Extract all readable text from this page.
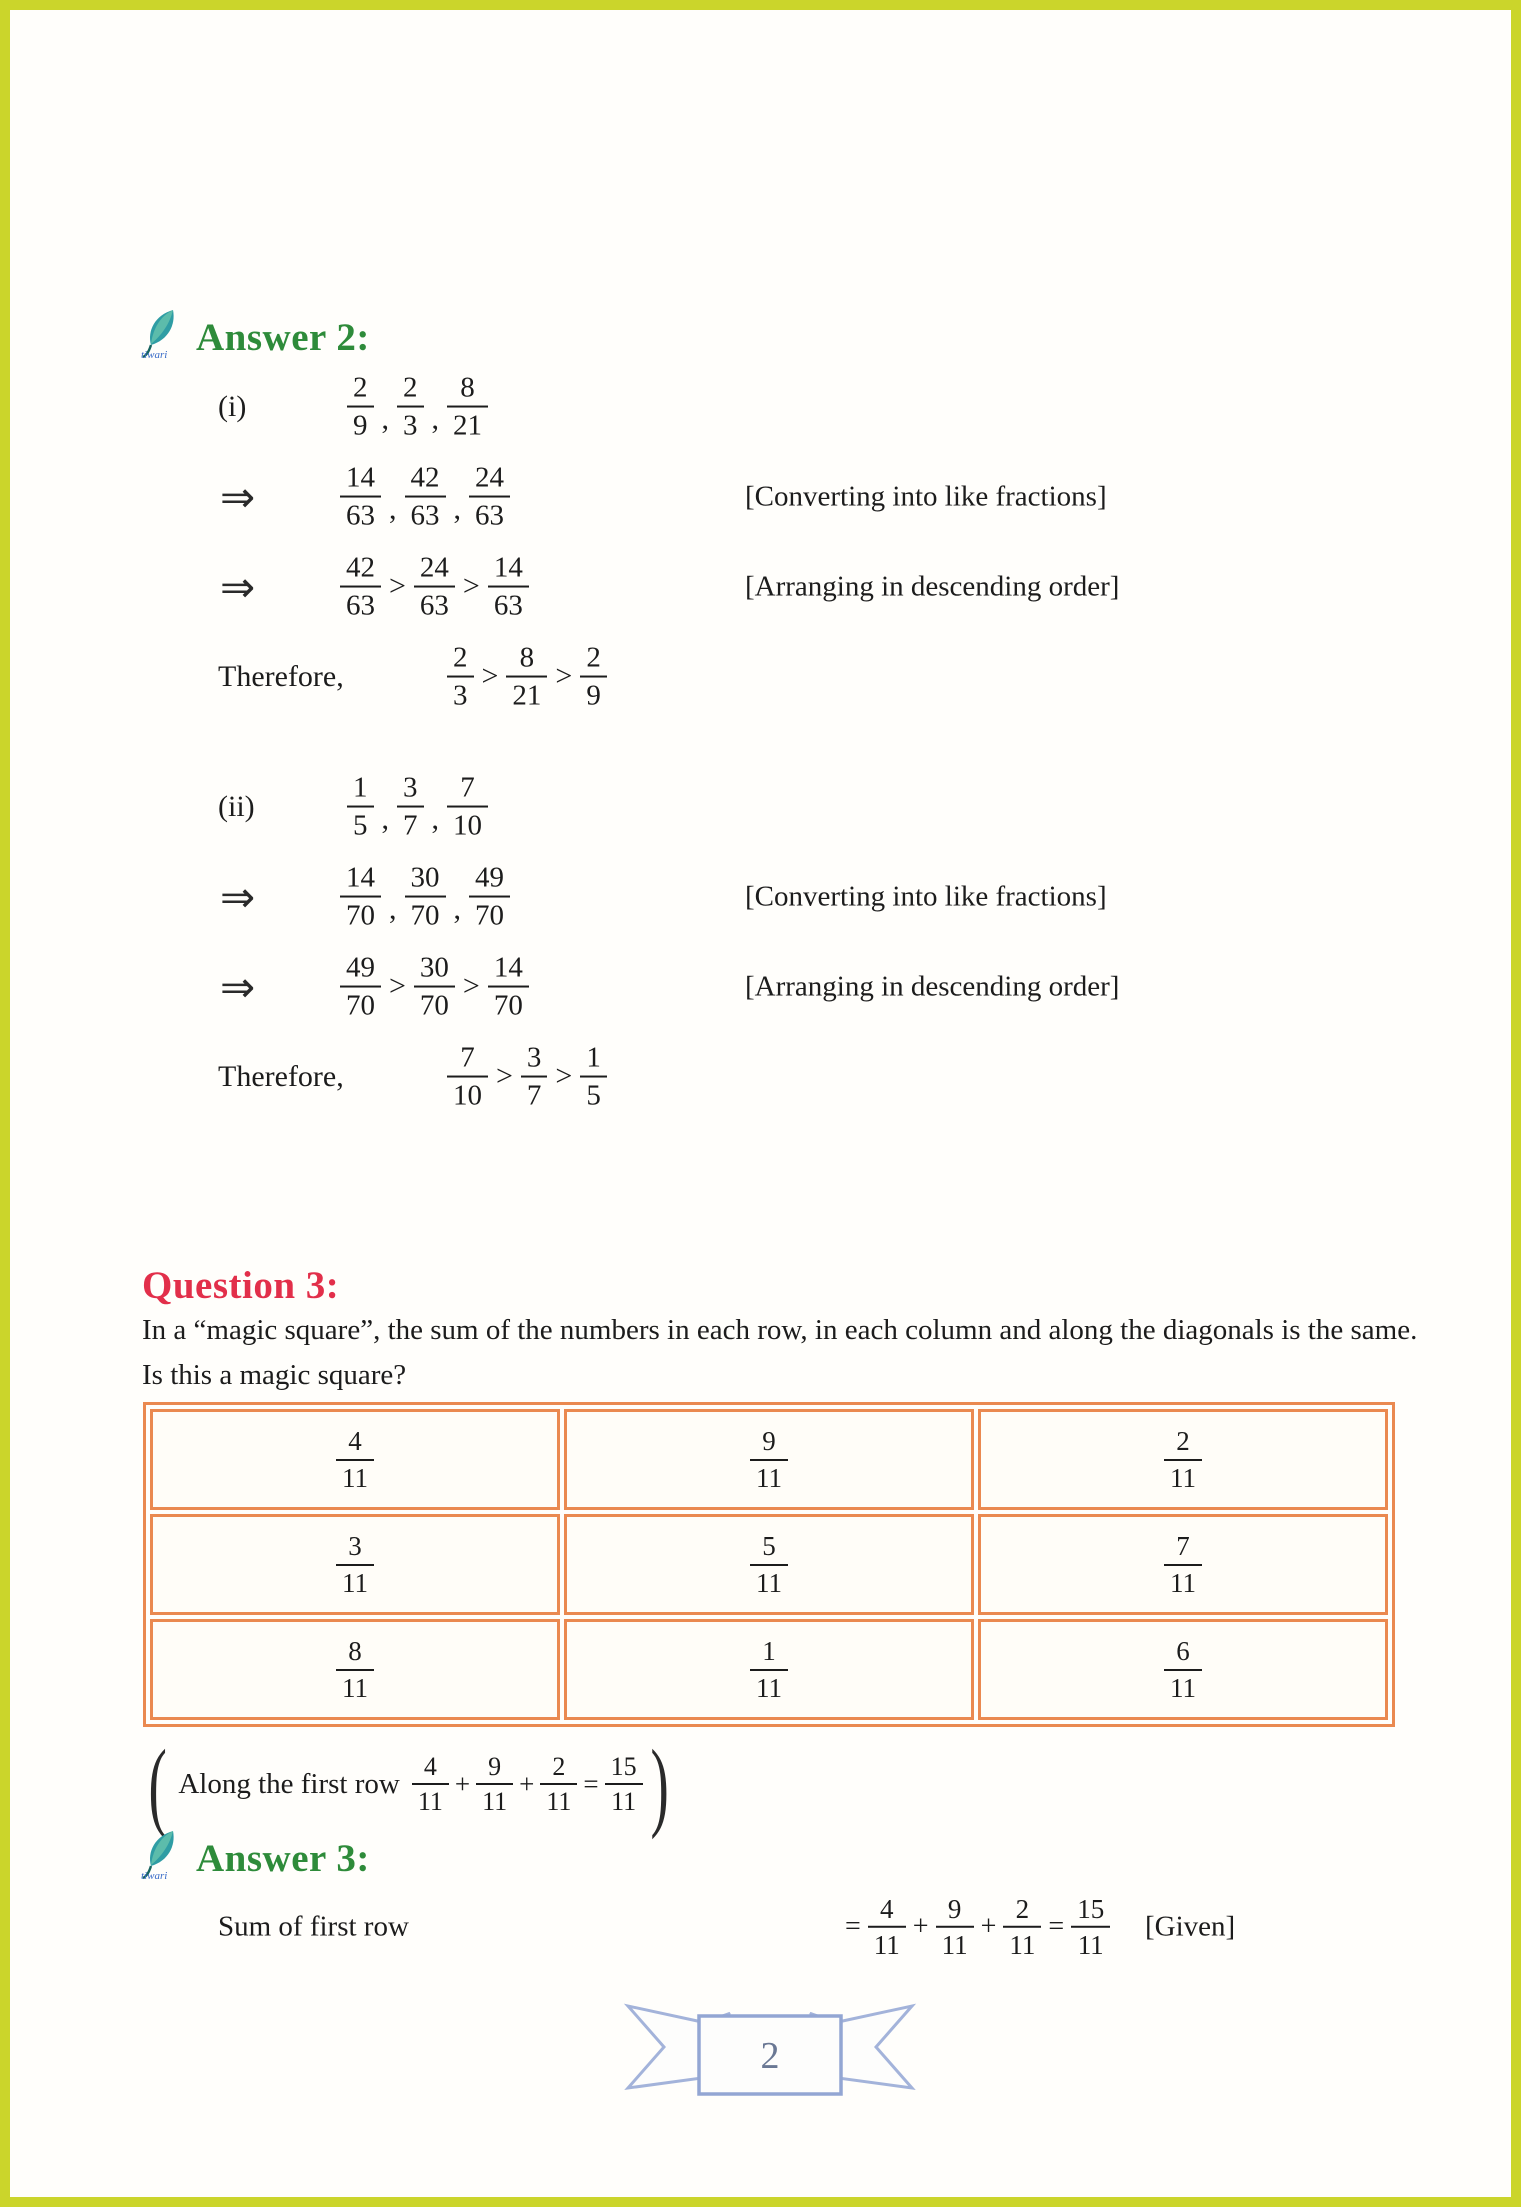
tiwari Answer 2:
(i)	$\frac{2}{9}$ , $\frac{2}{3}$ , $\frac{8}{21}$
⇒	$\frac{14}{63}$ , $\frac{42}{63}$ , $\frac{24}{63}$	[Converting into like fractions]
⇒	$\frac{42}{63} > \frac{24}{63} > \frac{14}{63}$	[Arranging in descending order]
Therefore,	$\frac{2}{3} > \frac{8}{21} > \frac{2}{9}$
(ii)	$\frac{1}{5}$ , $\frac{3}{7}$ , $\frac{7}{10}$
⇒	$\frac{14}{70}$ , $\frac{30}{70}$ , $\frac{49}{70}$	[Converting into like fractions]
⇒	$\frac{49}{70} > \frac{30}{70} > \frac{14}{70}$	[Arranging in descending order]
Therefore,	$\frac{7}{10} > \frac{3}{7} > \frac{1}{5}$
Question 3:
In a “magic square”, the sum of the numbers in each row, in each column and along the diagonals is the same. Is this a magic square?
$\frac{4}{11}$	$\frac{9}{11}$	$\frac{2}{11}$
$\frac{3}{11}$	$\frac{5}{11}$	$\frac{7}{11}$
$\frac{8}{11}$	$\frac{1}{11}$	$\frac{6}{11}$
( Along the first row $\frac{4}{11} + \frac{9}{11} + \frac{2}{11} = \frac{15}{11}$ )
tiwari Answer 3:
Sum of first row	= $\frac{4}{11} + \frac{9}{11} + \frac{2}{11} = \frac{15}{11}$ [Given]
2
